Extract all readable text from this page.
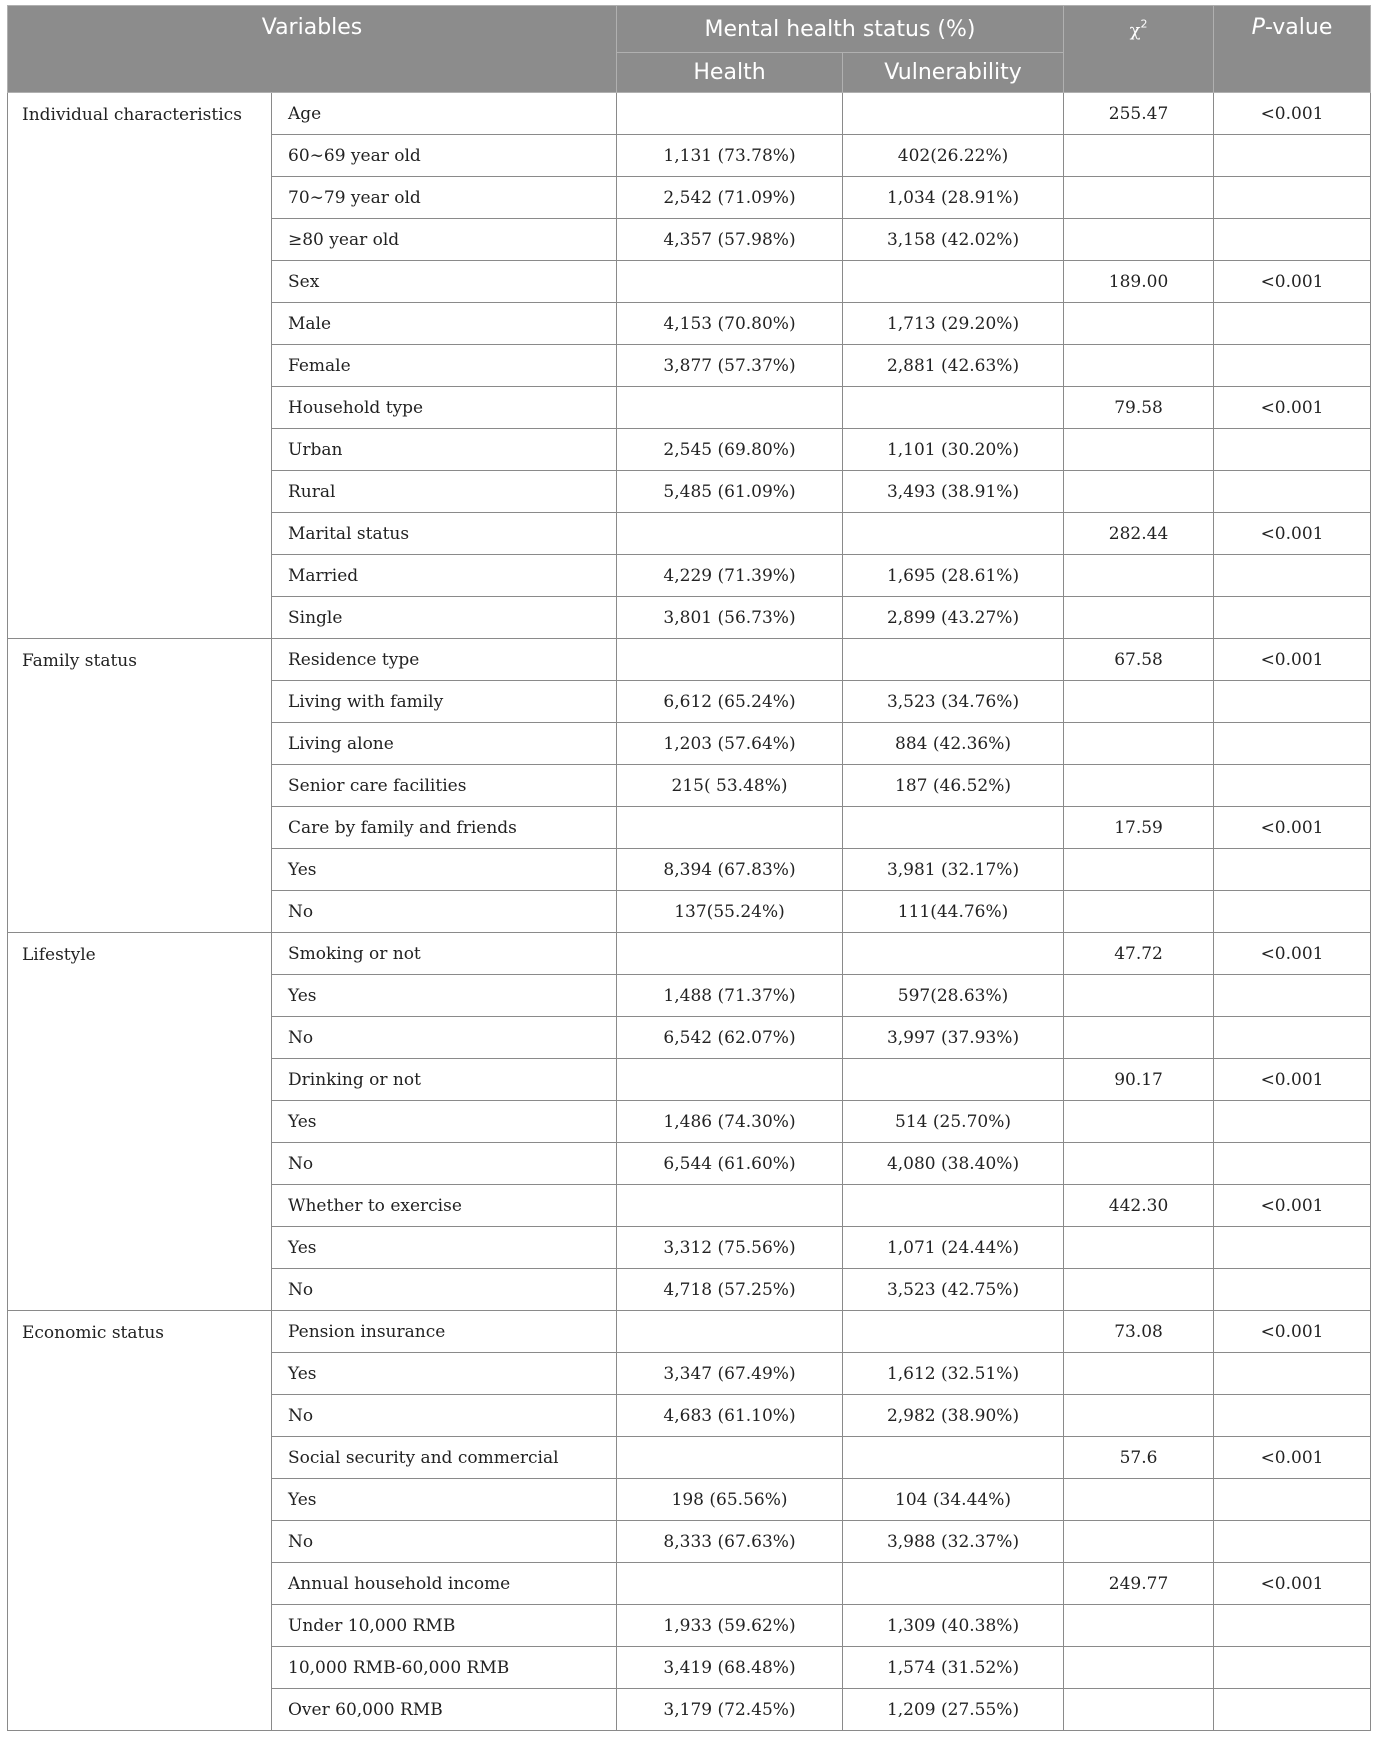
Variables		Mental health status (%)		$\chi^2$	P-value
		Health	Vulnerability		
Individual characteristics	Age			255.47	<0.001
	60∼69 year old	1,131 (73.78%)	402(26.22%)		
	70∼79 year old	2,542 (71.09%)	1,034 (28.91%)		
	≥80 year old	4,357 (57.98%)	3,158 (42.02%)		
	Sex			189.00	<0.001
	Male	4,153 (70.80%)	1,713 (29.20%)		
	Female	3,877 (57.37%)	2,881 (42.63%)		
	Household type			79.58	<0.001
	Urban	2,545 (69.80%)	1,101 (30.20%)		
	Rural	5,485 (61.09%)	3,493 (38.91%)		
	Marital status			282.44	<0.001
	Married	4,229 (71.39%)	1,695 (28.61%)		
	Single	3,801 (56.73%)	2,899 (43.27%)		
Family status	Residence type			67.58	<0.001
	Living with family	6,612 (65.24%)	3,523 (34.76%)		
	Living alone	1,203 (57.64%)	884 (42.36%)		
	Senior care facilities	215( 53.48%)	187 (46.52%)		
	Care by family and friends			17.59	<0.001
	Yes	8,394 (67.83%)	3,981 (32.17%)		
	No	137(55.24%)	111(44.76%)		
Lifestyle	Smoking or not			47.72	<0.001
	Yes	1,488 (71.37%)	597(28.63%)		
	No	6,542 (62.07%)	3,997 (37.93%)		
	Drinking or not			90.17	<0.001
	Yes	1,486 (74.30%)	514 (25.70%)		
	No	6,544 (61.60%)	4,080 (38.40%)		
	Whether to exercise			442.30	<0.001
	Yes	3,312 (75.56%)	1,071 (24.44%)		
	No	4,718 (57.25%)	3,523 (42.75%)		
Economic status	Pension insurance			73.08	<0.001
	Yes	3,347 (67.49%)	1,612 (32.51%)		
	No	4,683 (61.10%)	2,982 (38.90%)		
	Social security and commercial			57.6	<0.001
	Yes	198 (65.56%)	104 (34.44%)		
	No	8,333 (67.63%)	3,988 (32.37%)		
	Annual household income			249.77	<0.001
	Under 10,000 RMB	1,933 (59.62%)	1,309 (40.38%)		
	10,000 RMB-60,000 RMB	3,419 (68.48%)	1,574 (31.52%)		
	Over 60,000 RMB	3,179 (72.45%)	1,209 (27.55%)		
